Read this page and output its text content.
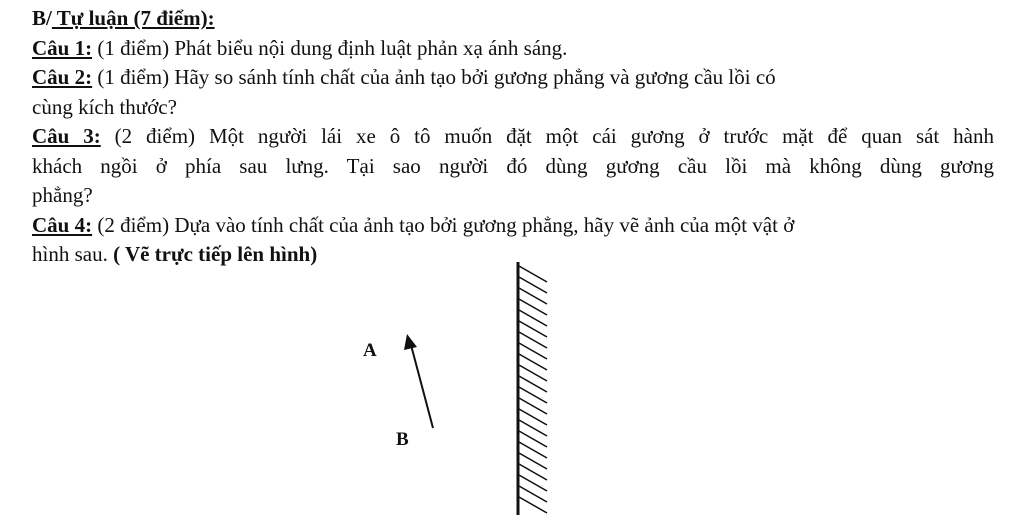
B/ Tự luận (7 điểm):
Câu 1: (1 điểm) Phát biểu nội dung định luật phản xạ ánh sáng.
Câu 2: (1 điểm) Hãy so sánh tính chất của ảnh tạo bởi gương phẳng và gương cầu lồi có
cùng kích thước?
Câu 3: (2 điểm) Một người lái xe ô tô muốn đặt một cái gương ở trước mặt để quan sát hành
khách ngồi ở phía sau lưng. Tại sao người đó dùng gương cầu lồi mà không dùng gương
phẳng?
Câu 4: (2 điểm) Dựa vào tính chất của ảnh tạo bởi gương phẳng, hãy vẽ ảnh của một vật ở
hình sau. ( Vẽ trực tiếp lên hình)
A
B
